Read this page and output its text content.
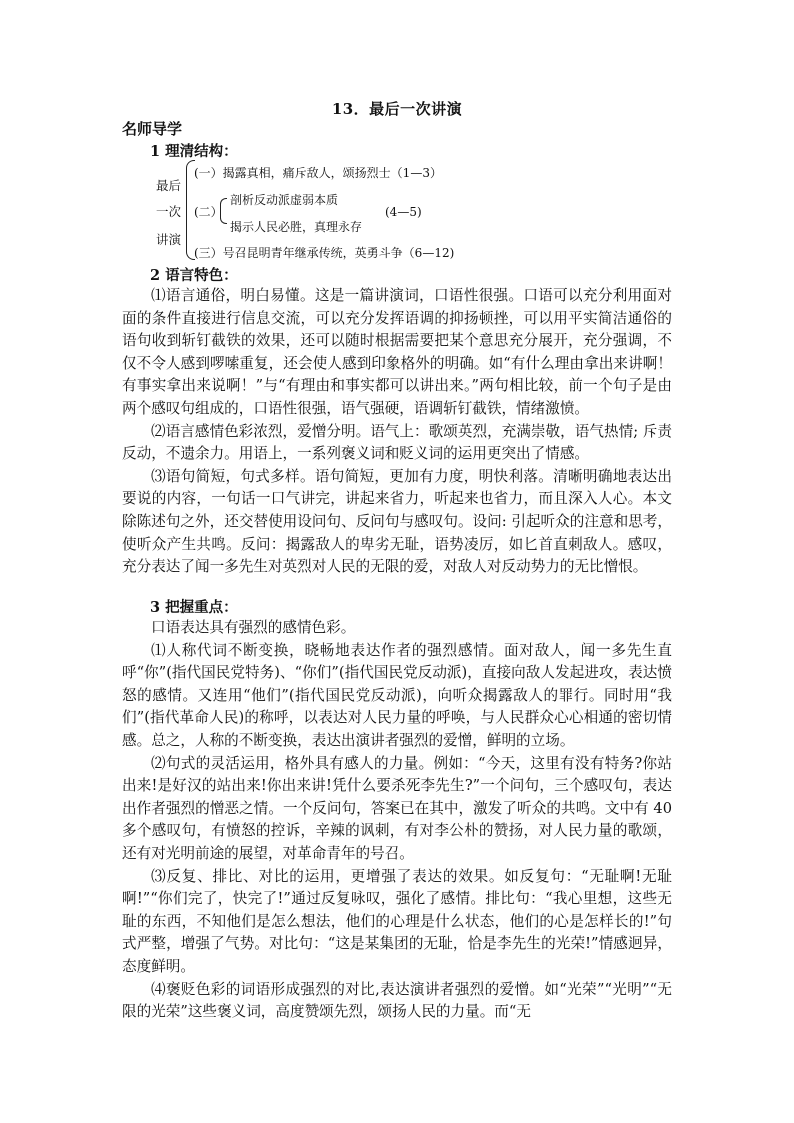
13．最后一次讲演
名师导学
1 理清结构：
最后
一次
讲演
(一）揭露真相，痛斥敌人，颂扬烈士（1—3）
(二）
剖析反动派虚弱本质
揭示人民必胜，真理永存
(4—5)
(三）号召昆明青年继承传统，英勇斗争（6—12)
2 语言特色：

⑴语言通俗，明白易懂。这是一篇讲演词，口语性很强。口语可以充分利用面对面的条件直接进行信息交流，可以充分发挥语调的抑扬顿挫，可以用平实简洁通俗的语句收到斩钉截铁的效果，还可以随时根据需要把某个意思充分展开，充分强调，不仅不令人感到啰嗦重复，还会使人感到印象格外的明确。如“有什么理由拿出来讲啊！有事实拿出来说啊！”与“有理由和事实都可以讲出来。”两句相比较，前一个句子是由两个感叹句组成的，口语性很强，语气强硬，语调斩钉截铁，情绪激愤。

⑵语言感情色彩浓烈，爱憎分明。语气上：歌颂英烈，充满崇敬，语气热情; 斥责反动，不遗余力。用语上，一系列褒义词和贬义词的运用更突出了情感。

⑶语句简短，句式多样。语句简短，更加有力度，明快利落。清晰明确地表达出要说的内容，一句话一口气讲完，讲起来省力，听起来也省力，而且深入人心。本文除陈述句之外，还交替使用设问句、反问句与感叹句。设问: 引起听众的注意和思考，使听众产生共鸣。反问：揭露敌人的卑劣无耻，语势凌厉，如匕首直刺敌人。感叹，充分表达了闻一多先生对英烈对人民的无限的爱，对敌人对反动势力的无比憎恨。

3 把握重点：

口语表达具有强烈的感情色彩。

⑴人称代词不断变换，晓畅地表达作者的强烈感情。面对敌人，闻一多先生直呼“你”(指代国民党特务)、“你们”(指代国民党反动派)，直接向敌人发起进攻，表达愤怒的感情。又连用“他们”(指代国民党反动派)，向听众揭露敌人的罪行。同时用“我们”(指代革命人民)的称呼，以表达对人民力量的呼唤，与人民群众心心相通的密切情感。总之，人称的不断变换，表达出演讲者强烈的爱憎，鲜明的立场。

⑵句式的灵活运用，格外具有感人的力量。例如：“今天，这里有没有特务?你站出来!是好汉的站出来!你出来讲!凭什么要杀死李先生?”一个问句，三个感叹句，表达出作者强烈的憎恶之情。一个反问句，答案已在其中，激发了听众的共鸣。文中有 40 多个感叹句，有愤怒的控诉，辛辣的讽刺，有对李公朴的赞扬，对人民力量的歌颂，还有对光明前途的展望，对革命青年的号召。

⑶反复、排比、对比的运用，更增强了表达的效果。如反复句：“无耻啊!无耻啊!”“你们完了，快完了!”通过反复咏叹，强化了感情。排比句：“我心里想，这些无耻的东西，不知他们是怎么想法，他们的心理是什么状态，他们的心是怎样长的!”句式严整，增强了气势。对比句：“这是某集团的无耻，恰是李先生的光荣!”情感迥异，态度鲜明。

⑷褒贬色彩的词语形成强烈的对比,表达演讲者强烈的爱憎。如“光荣”“光明”“无限的光荣”这些褒义词，高度赞颂先烈，颂扬人民的力量。而“无
